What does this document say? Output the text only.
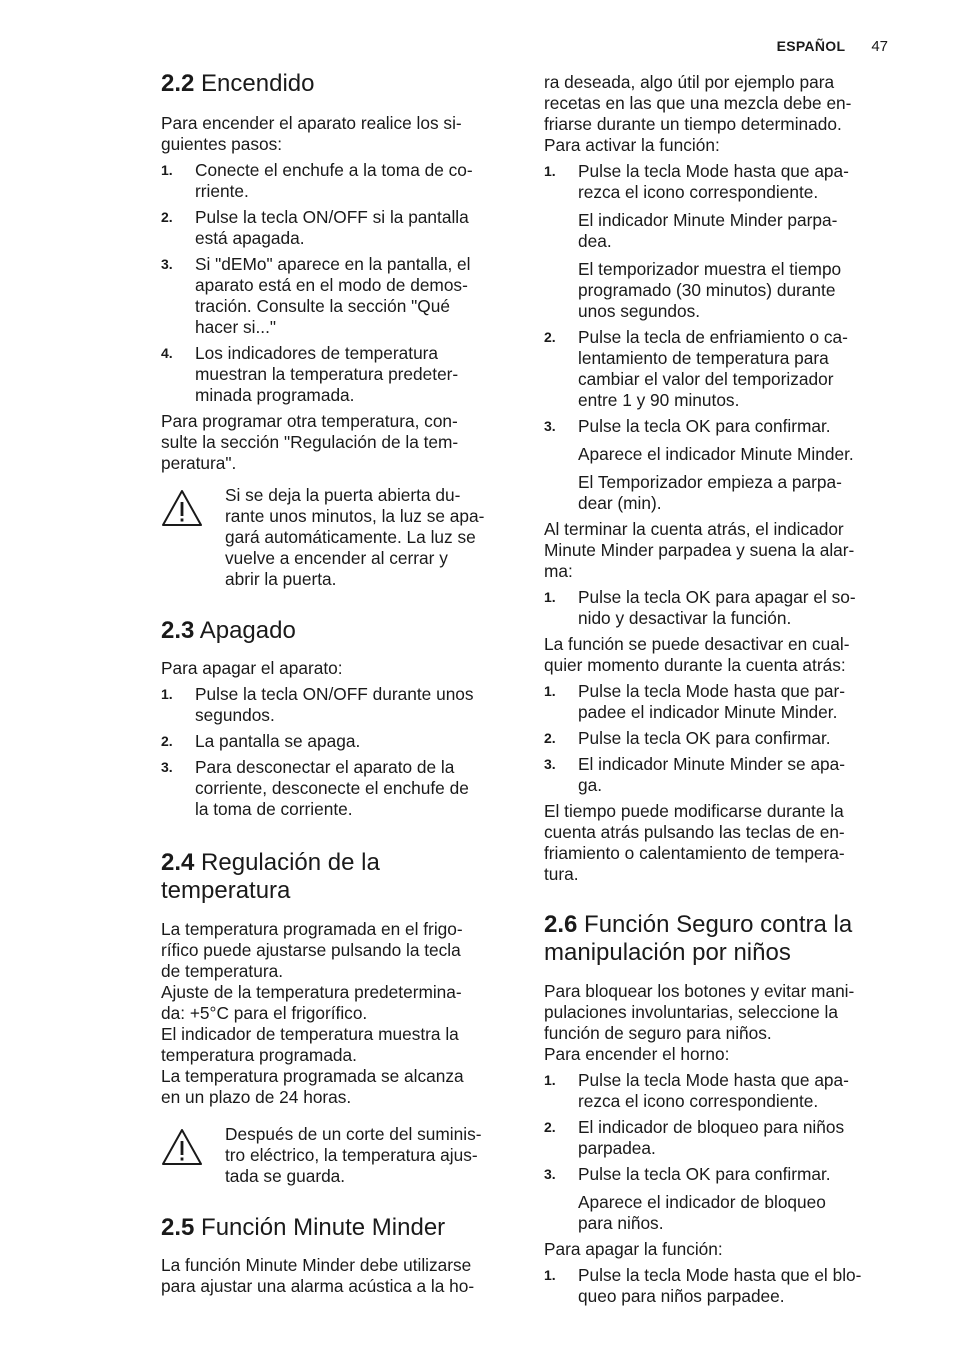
ESPAÑOL 47
2.2 Encendido

Para encender el aparato realice los si-
guientes pasos:

1.	Conecte el enchufe a la toma de co-
rriente.
2.	Pulse la tecla ON/OFF si la pantalla
está apagada.
3.	Si "dEMo" aparece en la pantalla, el
aparato está en el modo de demos-
tración. Consulte la sección "Qué
hacer si..."
4.	Los indicadores de temperatura
muestran la temperatura predeter-
minada programada.

Para programar otra temperatura, con-
sulte la sección "Regulación de la tem-
peratura".

Si se deja la puerta abierta du-
rante unos minutos, la luz se apa-
gará automáticamente. La luz se
vuelve a encender al cerrar y
abrir la puerta.

2.3 Apagado

Para apagar el aparato:

1.	Pulse la tecla ON/OFF durante unos
segundos.
2.	La pantalla se apaga.
3.	Para desconectar el aparato de la
corriente, desconecte el enchufe de
la toma de corriente.
2.4 Regulación de la
temperatura

La temperatura programada en el frigo-
rífico puede ajustarse pulsando la tecla
de temperatura.
Ajuste de la temperatura predetermina-
da: +5°C para el frigorífico.
El indicador de temperatura muestra la
temperatura programada.
La temperatura programada se alcanza
en un plazo de 24 horas.

Después de un corte del suminis-
tro eléctrico, la temperatura ajus-
tada se guarda.

2.5 Función Minute Minder

La función Minute Minder debe utilizarse
para ajustar una alarma acústica a la ho-

ra deseada, algo útil por ejemplo para
recetas en las que una mezcla debe en-
friarse durante un tiempo determinado.
Para activar la función:

1.	Pulse la tecla Mode hasta que apa-
rezca el icono correspondiente.
El indicador Minute Minder parpa-
dea.
El temporizador muestra el tiempo
programado (30 minutos) durante
unos segundos.
2.	Pulse la tecla de enfriamiento o ca-
lentamiento de temperatura para
cambiar el valor del temporizador
entre 1 y 90 minutos.
3.	Pulse la tecla OK para confirmar.
Aparece el indicador Minute Minder.
El Temporizador empieza a parpa-
dear (min).

Al terminar la cuenta atrás, el indicador
Minute Minder parpadea y suena la alar-
ma:

1.	Pulse la tecla OK para apagar el so-
nido y desactivar la función.

La función se puede desactivar en cual-
quier momento durante la cuenta atrás:

1.	Pulse la tecla Mode hasta que par-
padee el indicador Minute Minder.
2.	Pulse la tecla OK para confirmar.
3.	El indicador Minute Minder se apa-
ga.

El tiempo puede modificarse durante la
cuenta atrás pulsando las teclas de en-
friamiento o calentamiento de tempera-
tura.

2.6 Función Seguro contra la
manipulación por niños

Para bloquear los botones y evitar mani-
pulaciones involuntarias, seleccione la
función de seguro para niños.
Para encender el horno:

1.	Pulse la tecla Mode hasta que apa-
rezca el icono correspondiente.
2.	El indicador de bloqueo para niños
parpadea.
3.	Pulse la tecla OK para confirmar.
Aparece el indicador de bloqueo
para niños.

Para apagar la función:

1.	Pulse la tecla Mode hasta que el blo-
queo para niños parpadee.
